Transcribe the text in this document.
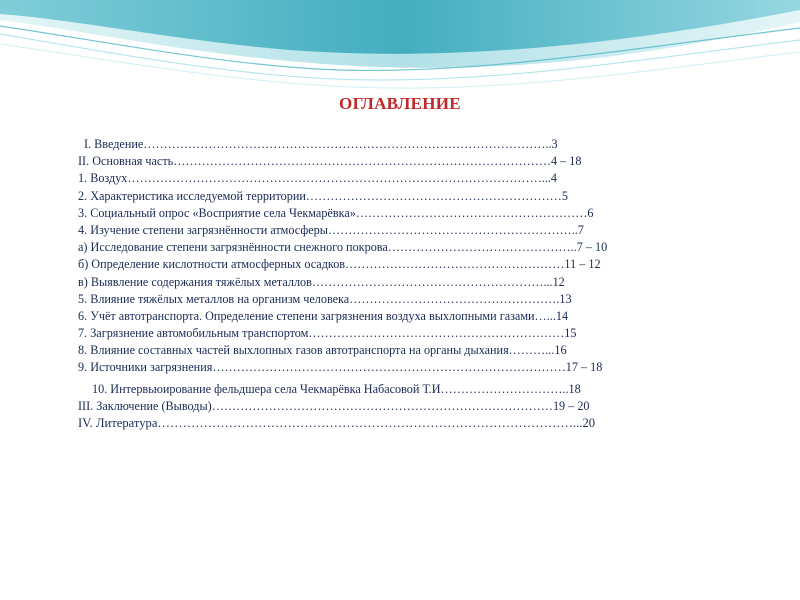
ОГЛАВЛЕНИЕ
I. Введение………………………………………………………………………………………..3
II. Основная часть…………………………………………………………………………………4 – 18
1. Воздух…………………………………………………………………………………………...4
2. Характеристика исследуемой территории………………………………………………………5
3. Социальный опрос «Восприятие села Чекмарёвка»…………………………………………………6
4. Изучение степени загрязнённости атмосферы……………………………………………………..7
а) Исследование степени загрязнённости снежного покрова………………………………………..7 – 10
б) Определение кислотности атмосферных осадков………………………………………………11 – 12
в) Выявление содержания тяжёлых металлов…………………………………………………...12
5. Влияние тяжёлых металлов на организм человека…………………………………………….13
6. Учёт автотранспорта. Определение степени загрязнения воздуха выхлопными газами…...14
7. Загрязнение автомобильным транспортом………………………………………………………15
8. Влияние составных частей выхлопных газов автотранспорта на органы дыхания………...16
9. Источники загрязнения……………………………………………………………………………17 – 18
10. Интервьюирование фельдшера села Чекмарёвка Набасовой Т.И…………………………..18
III. Заключение (Выводы)…………………………………………………………………………19 – 20
IV. Литература………………………………………………………………………………………...20
